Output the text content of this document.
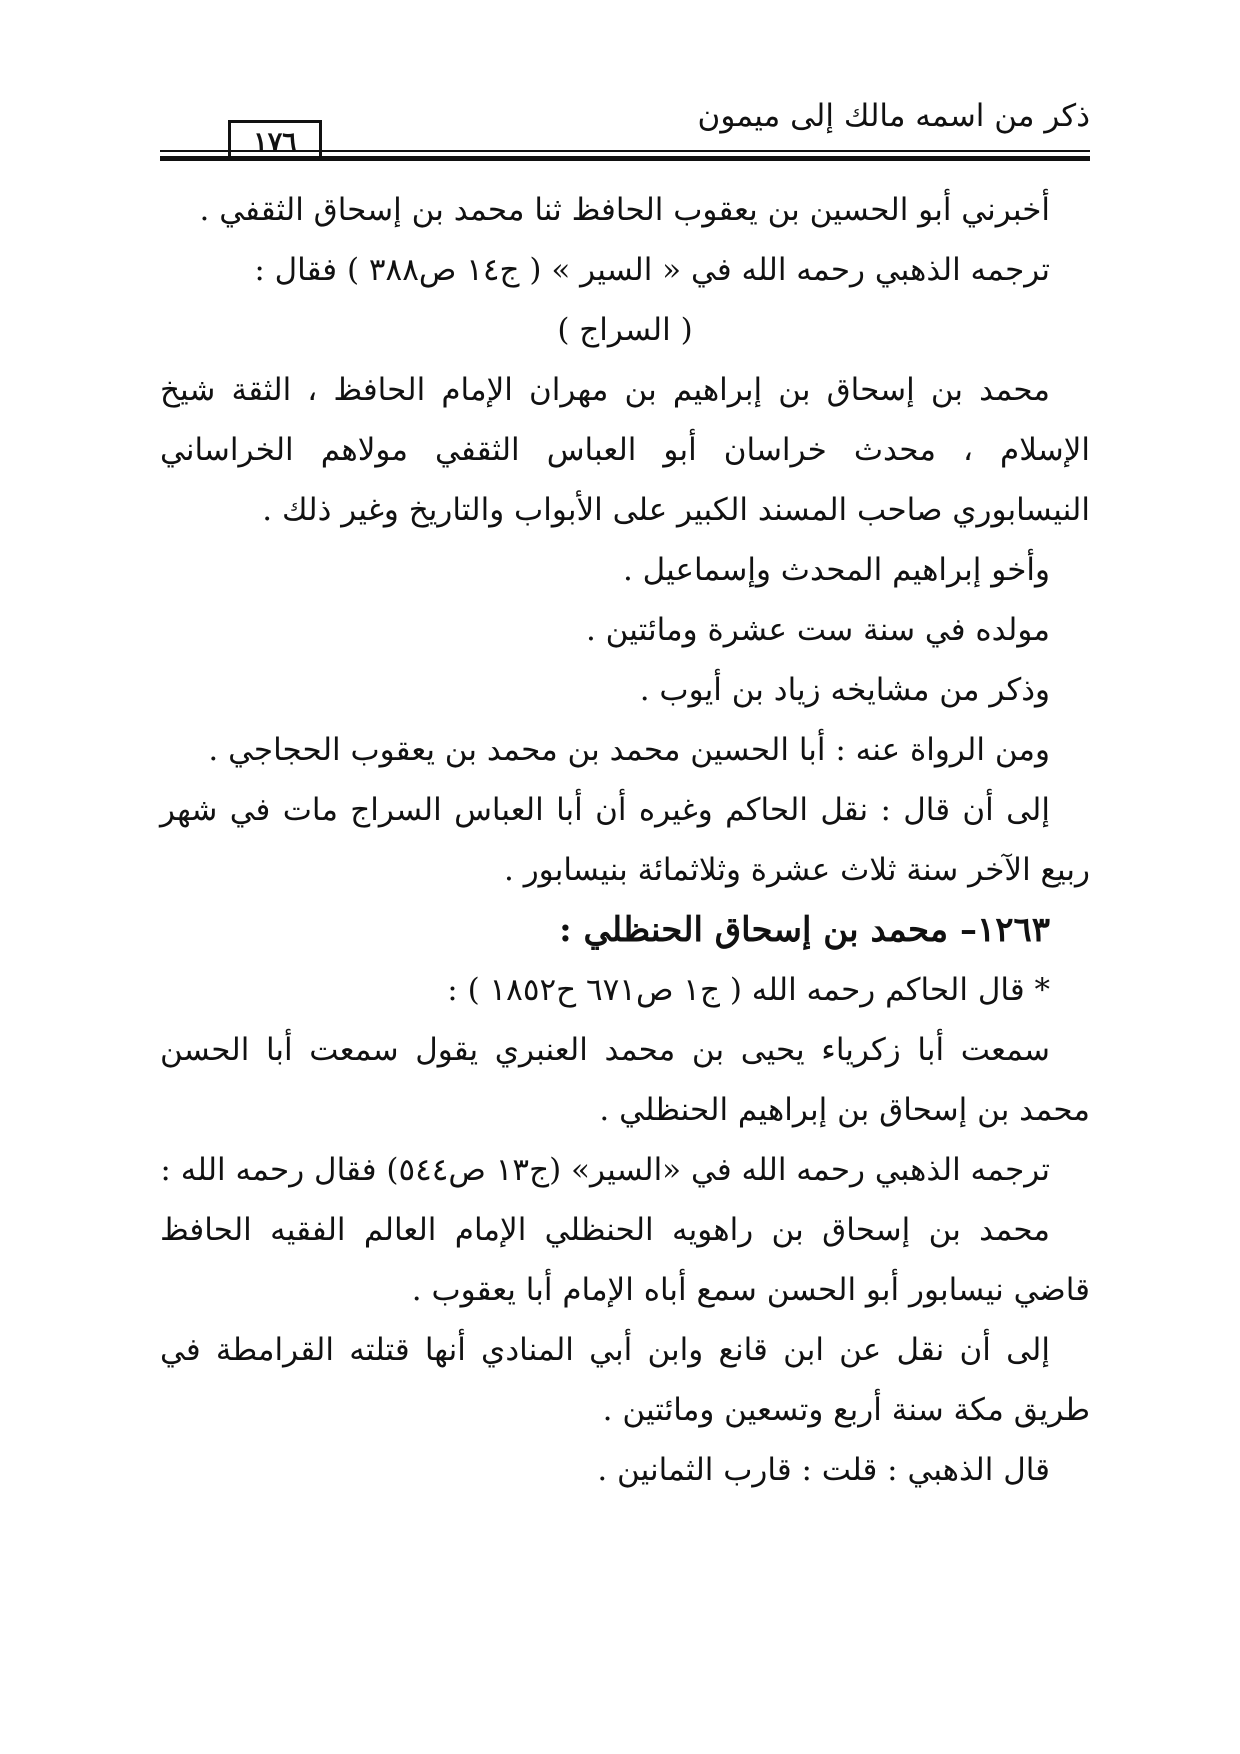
١٧٦
ذكر من اسمه مالك إلى ميمون

أخبرني أبو الحسين بن يعقوب الحافظ ثنا محمد بن إسحاق الثقفي .

ترجمه الذهبي رحمه الله في « السير » ( ج١٤ ص٣٨٨ ) فقال :

( السراج )

محمد بن إسحاق بن إبراهيم بن مهران الإمام الحافظ ، الثقة شيخ الإسلام ، محدث خراسان أبو العباس الثقفي مولاهم الخراساني النيسابوري صاحب المسند الكبير على الأبواب والتاريخ وغير ذلك .

وأخو إبراهيم المحدث وإسماعيل .

مولده في سنة ست عشرة ومائتين .

وذكر من مشايخه زياد بن أيوب .

ومن الرواة عنه : أبا الحسين محمد بن محمد بن يعقوب الحجاجي .

إلى أن قال : نقل الحاكم وغيره أن أبا العباس السراج مات في شهر ربيع الآخر سنة ثلاث عشرة وثلاثمائة بنيسابور .

١٢٦٣– محمد بن إسحاق الحنظلي :

* قال الحاكم رحمه الله ( ج١ ص٦٧١ ح١٨٥٢ ) :

سمعت أبا زكرياء يحيى بن محمد العنبري يقول سمعت أبا الحسن محمد بن إسحاق بن إبراهيم الحنظلي .

ترجمه الذهبي رحمه الله في «السير» (ج١٣ ص٥٤٤) فقال رحمه الله :

محمد بن إسحاق بن راهويه الحنظلي الإمام العالم الفقيه الحافظ قاضي نيسابور أبو الحسن سمع أباه الإمام أبا يعقوب .

إلى أن نقل عن ابن قانع وابن أبي المنادي أنها قتلته القرامطة في طريق مكة سنة أربع وتسعين ومائتين .

قال الذهبي : قلت : قارب الثمانين .
